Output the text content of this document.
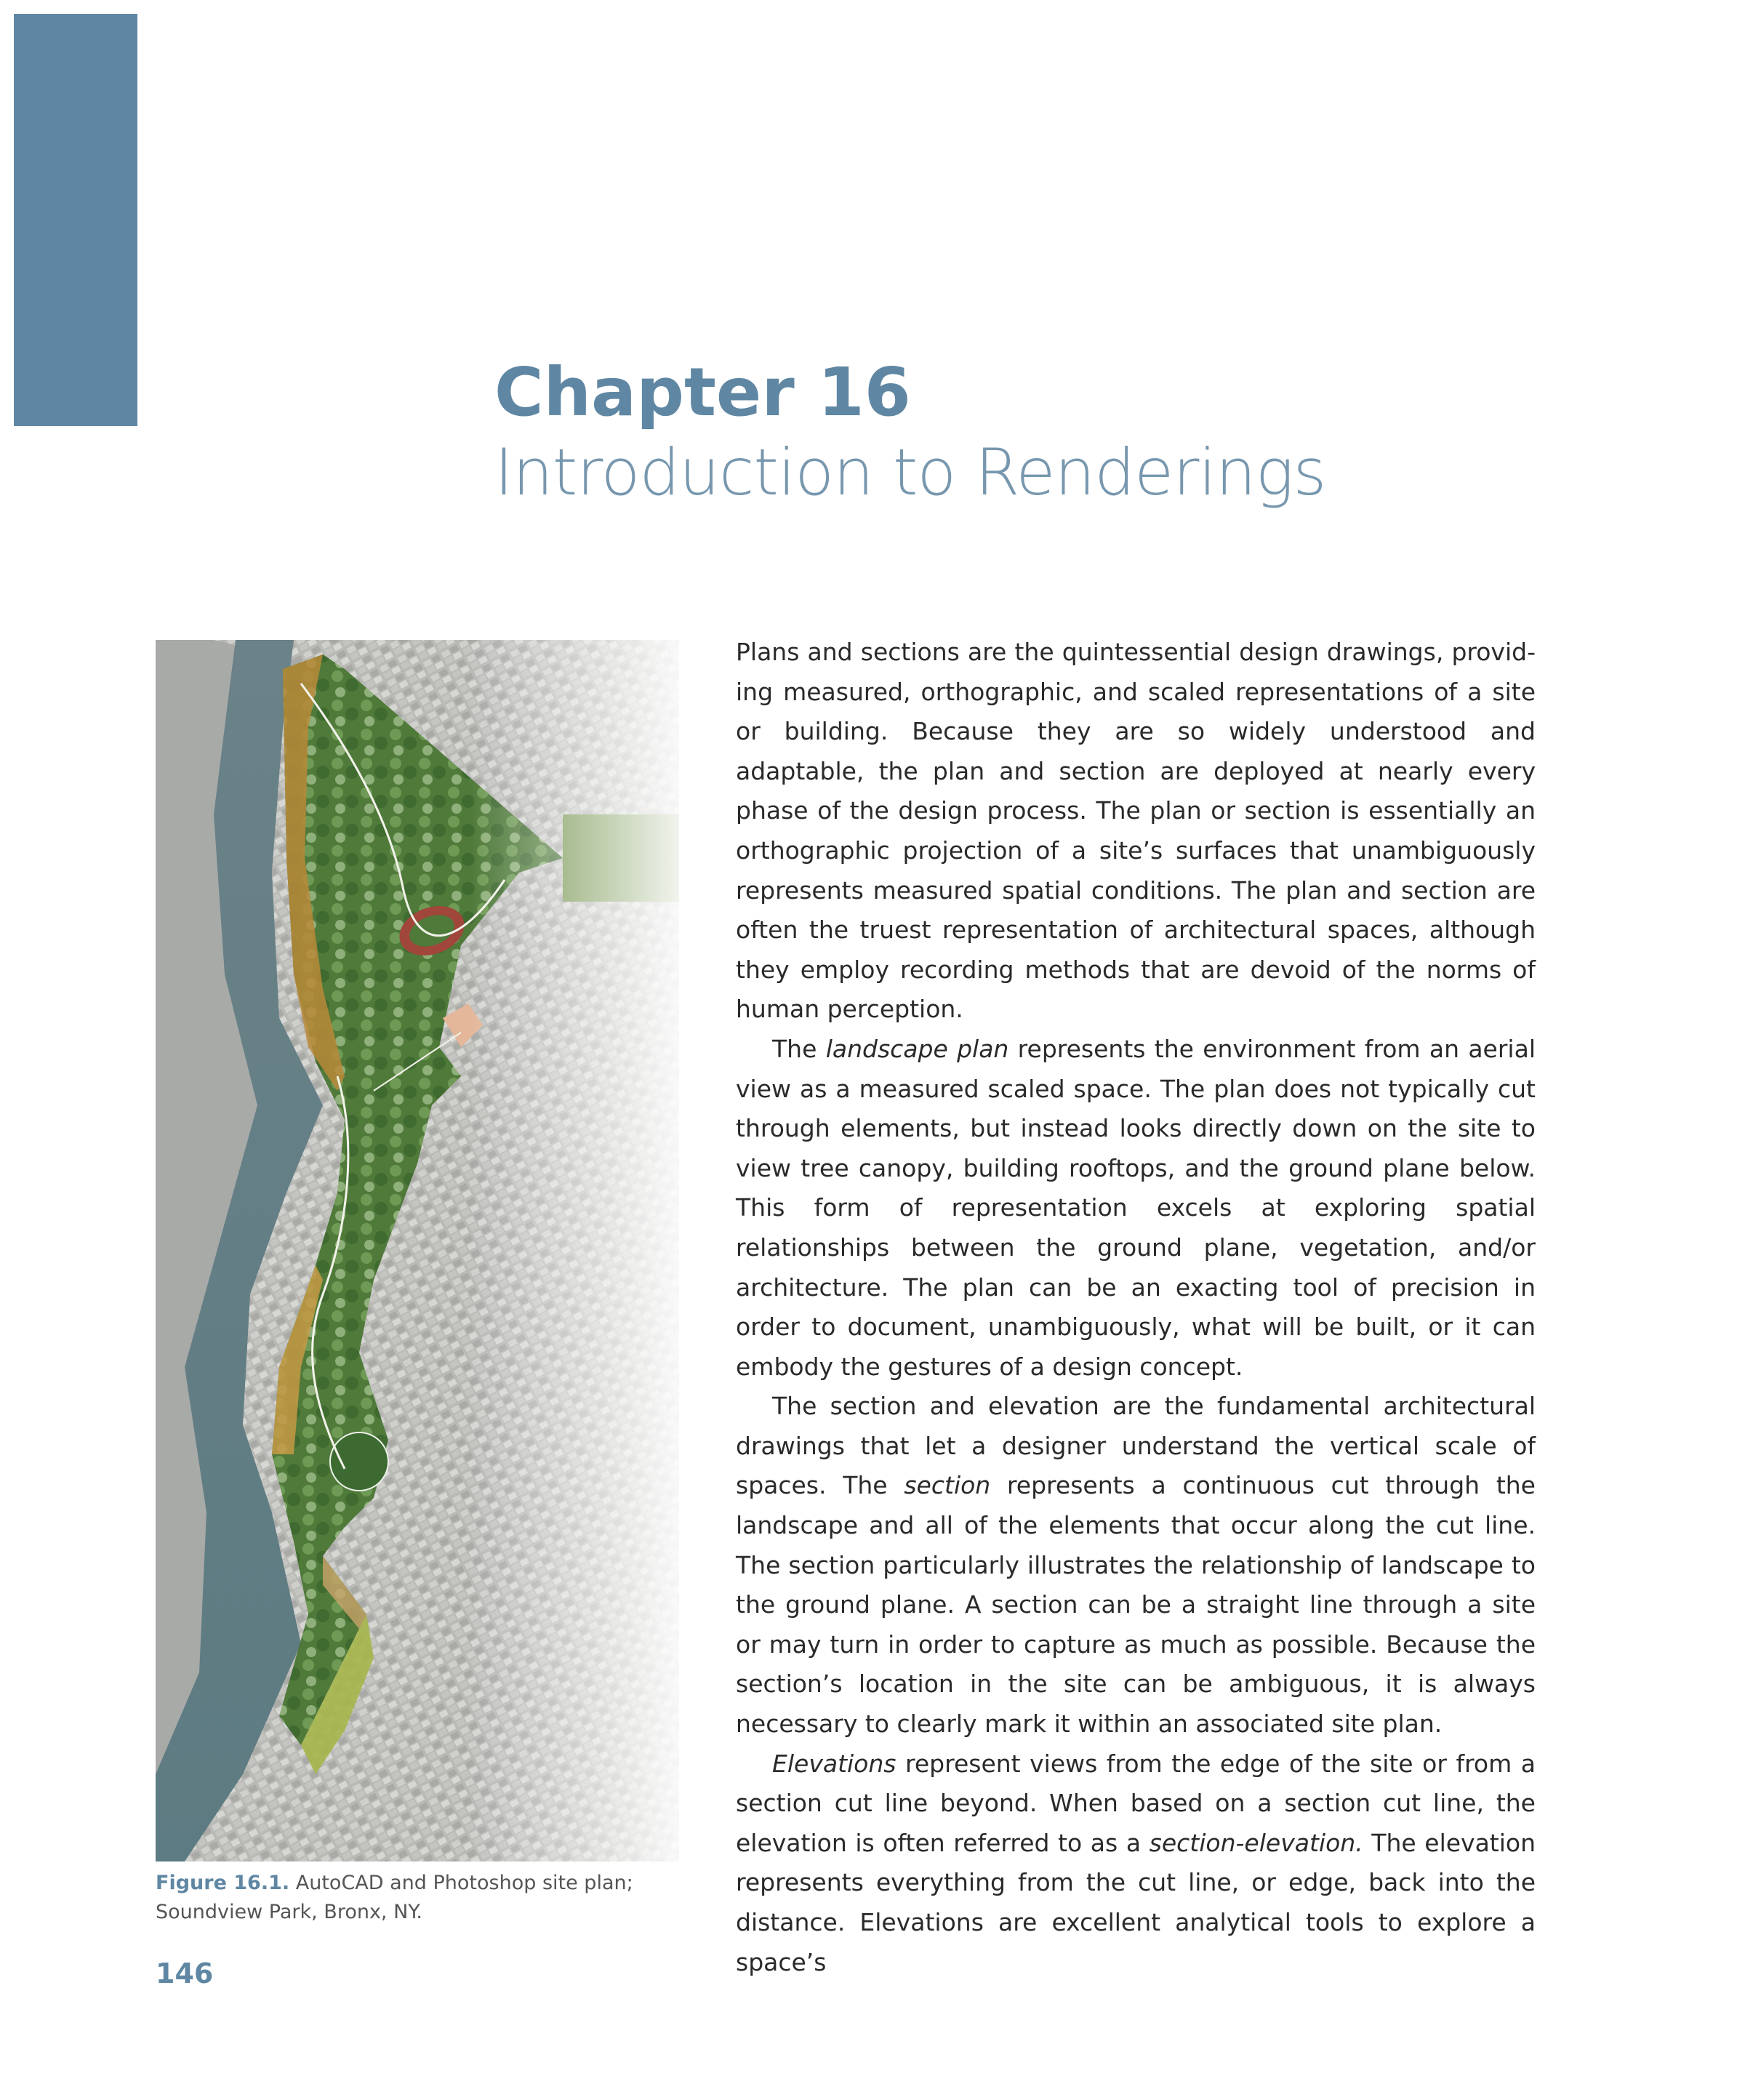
Chapter 16
Introduction to Renderings
Figure 16.1. AutoCAD and Photoshop site plan; Soundview Park, Bronx, NY.
146

Plans and sections are the quintessential design drawings, providing measured, orthographic, and scaled representations of a site or building. Because they are so widely understood and adaptable, the plan and section are deployed at nearly every phase of the design process. The plan or section is essentially an orthographic projection of a site’s surfaces that unambiguously represents measured spatial conditions. The plan and section are often the truest representation of architectural spaces, although they employ recording methods that are devoid of the norms of human perception.

The landscape plan represents the environment from an aerial view as a measured scaled space. The plan does not typically cut through elements, but instead looks directly down on the site to view tree canopy, building rooftops, and the ground plane below. This form of representation excels at exploring spatial relationships between the ground plane, vegetation, and/or architecture. The plan can be an exacting tool of precision in order to document, unambiguously, what will be built, or it can embody the gestures of a design concept.

The section and elevation are the fundamental architectural drawings that let a designer understand the vertical scale of spaces. The section represents a continuous cut through the landscape and all of the elements that occur along the cut line. The section particularly illustrates the relationship of landscape to the ground plane. A section can be a straight line through a site or may turn in order to capture as much as possible. Because the section’s location in the site can be ambiguous, it is always necessary to clearly mark it within an associated site plan.

Elevations represent views from the edge of the site or from a section cut line beyond. When based on a section cut line, the elevation is often referred to as a section-elevation. The elevation represents everything from the cut line, or edge, back into the distance. Elevations are excellent analytical tools to explore a space’s
